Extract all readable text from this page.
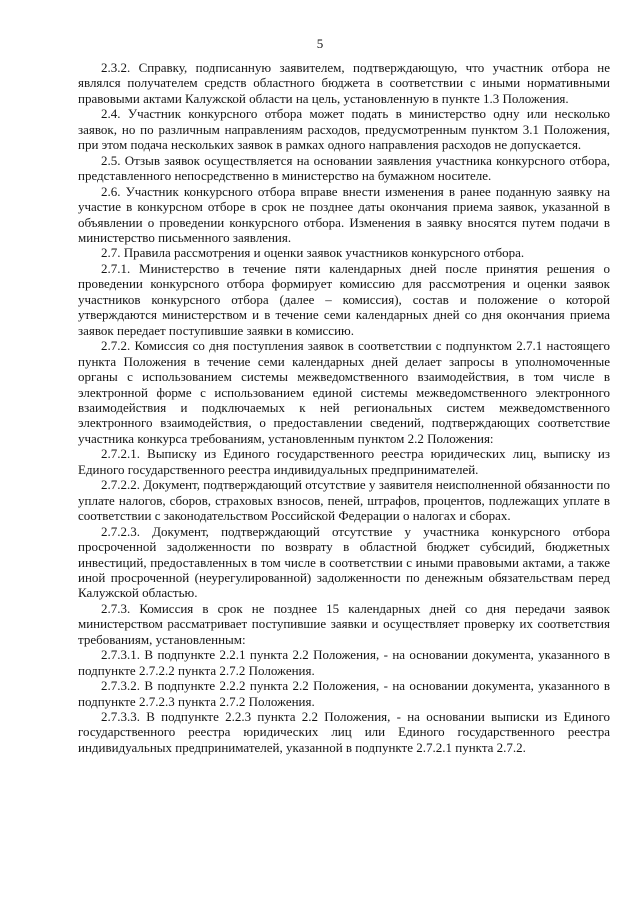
5

2.3.2. Справку, подписанную заявителем, подтверждающую, что участник отбора не являлся получателем средств областного бюджета в соответствии с иными нормативными правовыми актами Калужской области на цель, установленную в пункте 1.3 Положения.

2.4. Участник конкурсного отбора может подать в министерство одну или несколько заявок, но по различным направлениям расходов, предусмотренным пунктом 3.1 Положения, при этом подача нескольких заявок в рамках одного направления расходов не допускается.

2.5. Отзыв заявок осуществляется на основании заявления участника конкурсного отбора, представленного непосредственно в министерство на бумажном носителе.

2.6. Участник конкурсного отбора вправе внести изменения в ранее поданную заявку на участие в конкурсном отборе в срок не позднее даты окончания приема заявок, указанной в объявлении о проведении конкурсного отбора. Изменения в заявку вносятся путем подачи в министерство письменного заявления.

2.7. Правила рассмотрения и оценки заявок участников конкурсного отбора.

2.7.1. Министерство в течение пяти календарных дней после принятия решения о проведении конкурсного отбора формирует комиссию для рассмотрения и оценки заявок участников конкурсного отбора (далее – комиссия), состав и положение о которой утверждаются министерством и в течение семи календарных дней со дня окончания приема заявок передает поступившие заявки в комиссию.

2.7.2. Комиссия со дня поступления заявок в соответствии с подпунктом 2.7.1 настоящего пункта Положения в течение семи календарных дней делает запросы в уполномоченные органы с использованием системы межведомственного взаимодействия, в том числе в электронной форме с использованием единой системы межведомственного электронного взаимодействия и подключаемых к ней региональных систем межведомственного электронного взаимодействия, о предоставлении сведений, подтверждающих соответствие участника конкурса требованиям, установленным пунктом 2.2 Положения:

2.7.2.1. Выписку из Единого государственного реестра юридических лиц, выписку из Единого государственного реестра индивидуальных предпринимателей.

2.7.2.2. Документ, подтверждающий отсутствие у заявителя неисполненной обязанности по уплате налогов, сборов, страховых взносов, пеней, штрафов, процентов, подлежащих уплате в соответствии с законодательством Российской Федерации о налогах и сборах.

2.7.2.3. Документ, подтверждающий отсутствие у участника конкурсного отбора просроченной задолженности по возврату в областной бюджет субсидий, бюджетных инвестиций, предоставленных в том числе в соответствии с иными правовыми актами, а также иной просроченной (неурегулированной) задолженности по денежным обязательствам перед Калужской областью.

2.7.3. Комиссия в срок не позднее 15 календарных дней со дня передачи заявок министерством рассматривает поступившие заявки и осуществляет проверку их соответствия требованиям, установленным:

2.7.3.1. В подпункте 2.2.1 пункта 2.2 Положения, - на основании документа, указанного в подпункте 2.7.2.2 пункта 2.7.2 Положения.

2.7.3.2. В подпункте 2.2.2 пункта 2.2 Положения, - на основании документа, указанного в подпункте 2.7.2.3 пункта 2.7.2 Положения.

2.7.3.3. В подпункте 2.2.3 пункта 2.2 Положения, - на основании выписки из Единого государственного реестра юридических лиц или Единого государственного реестра индивидуальных предпринимателей, указанной в подпункте 2.7.2.1 пункта 2.7.2.
